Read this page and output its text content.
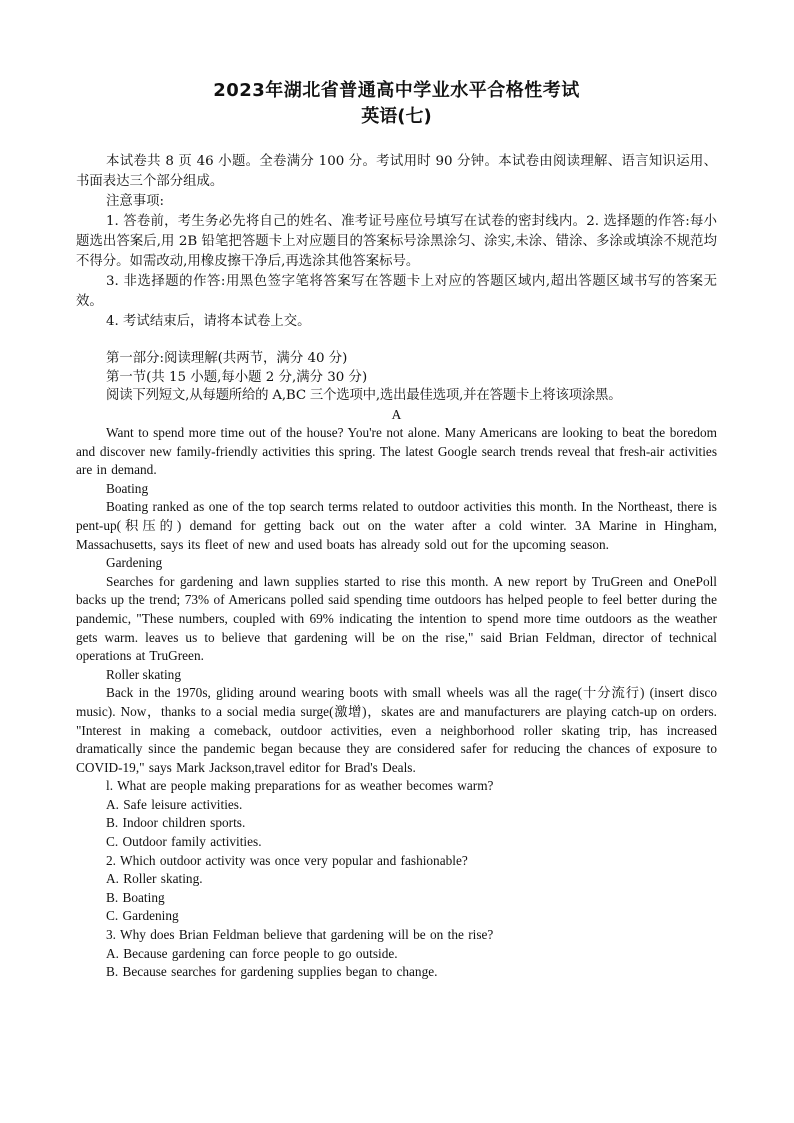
2023年湖北省普通高中学业水平合格性考试
英语(七)
本试卷共 8 页 46 小题。全卷满分 100 分。考试用时 90 分钟。本试卷由阅读理解、语言知识运用、书面表达三个部分组成。
注意事项:
1. 答卷前，考生务必先将自己的姓名、准考证号座位号填写在试卷的密封线内。2. 选择题的作答:每小题选出答案后,用 2B 铅笔把答题卡上对应题目的答案标号涂黑涂匀、涂实,未涂、错涂、多涂或填涂不规范均不得分。如需改动,用橡皮擦干净后,再选涂其他答案标号。
3. 非选择题的作答:用黑色签字笔将答案写在答题卡上对应的答题区域内,超出答题区域书写的答案无效。
4. 考试结束后，请将本试卷上交。
第一部分:阅读理解(共两节，满分 40 分)
第一节(共 15 小题,每小题 2 分,满分 30 分)
阅读下列短文,从每题所给的 A,BC 三个选项中,选出最佳选项,并在答题卡上将该项涂黑。
A
Want to spend more time out of the house? You're not alone. Many Americans are looking to beat the boredom and discover new family-friendly activities this spring. The latest Google search trends reveal that fresh-air activities are in demand.
Boating
Boating ranked as one of the top search terms related to outdoor activities this month. In the Northeast, there is pent-up(积压的) demand for getting back out on the water after a cold winter. 3A Marine in Hingham, Massachusetts, says its fleet of new and used boats has already sold out for the upcoming season.
Gardening
Searches for gardening and lawn supplies started to rise this month. A new report by TruGreen and OnePoll backs up the trend; 73% of Americans polled said spending time outdoors has helped people to feel better during the pandemic, "These numbers, coupled with 69% indicating the intention to spend more time outdoors as the weather gets warm. leaves us to believe that gardening will be on the rise," said Brian Feldman, director of technical operations at TruGreen.
Roller skating
Back in the 1970s, gliding around wearing boots with small wheels was all the rage(十分流行) (insert disco music). Now，thanks to a social media surge(激增)，skates are and manufacturers are playing catch-up on orders. "Interest in making a comeback, outdoor activities, even a neighborhood roller skating trip, has increased dramatically since the pandemic began because they are considered safer for reducing the chances of exposure to COVID-19," says Mark Jackson,travel editor for Brad's Deals.
l. What are people making preparations for as weather becomes warm?
A. Safe leisure activities.
B. Indoor children sports.
C. Outdoor family activities.
2. Which outdoor activity was once very popular and fashionable?
A. Roller skating.
B. Boating
C. Gardening
3. Why does Brian Feldman believe that gardening will be on the rise?
A. Because gardening can force people to go outside.
B. Because searches for gardening supplies began to change.
